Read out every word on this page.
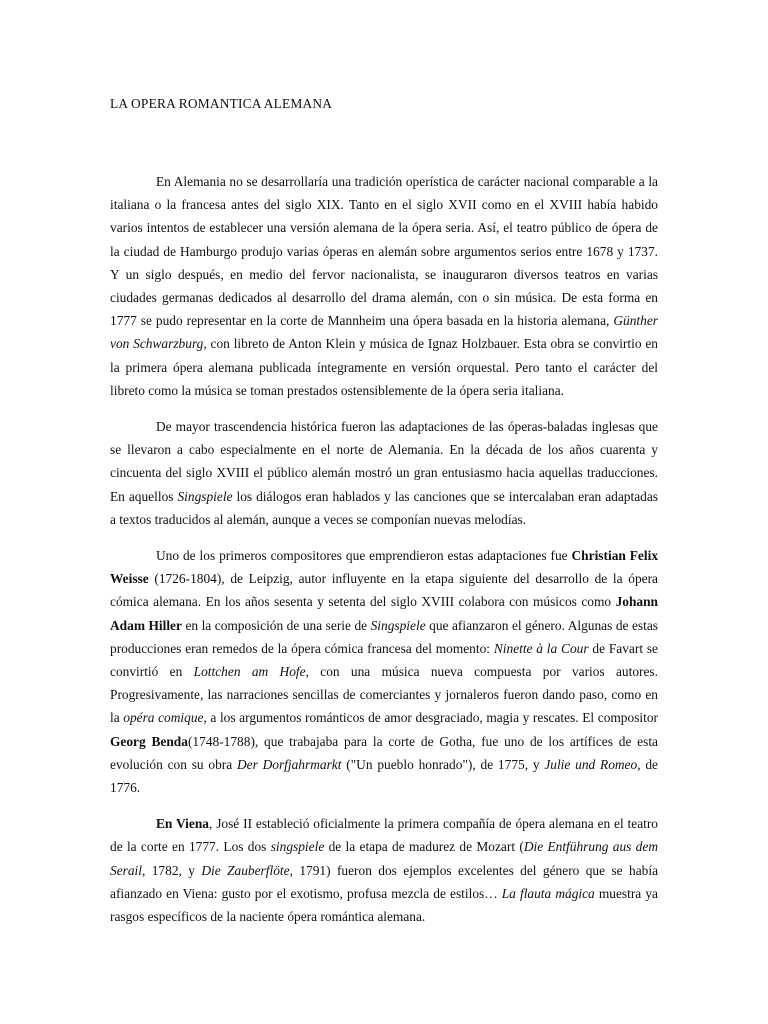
LA OPERA ROMANTICA ALEMANA

En Alemania no se desarrollaría una tradición operística de carácter nacional comparable a la italiana o la francesa antes del siglo XIX. Tanto en el siglo XVII como en el XVIII había habido varios intentos de establecer una versión alemana de la ópera seria. Así, el teatro público de ópera de la ciudad de Hamburgo produjo varias óperas en alemán sobre argumentos serios entre 1678 y 1737. Y un siglo después, en medio del fervor nacionalista, se inauguraron diversos teatros en varias ciudades germanas dedicados al desarrollo del drama alemán, con o sin música. De esta forma en 1777 se pudo representar en la corte de Mannheim una ópera basada en la historia alemana, Günther von Schwarzburg, con libreto de Anton Klein y música de Ignaz Holzbauer. Esta obra se convirtio en la primera ópera alemana publicada íntegramente en versión orquestal. Pero tanto el carácter del libreto como la música se toman prestados ostensiblemente de la ópera seria italiana.

De mayor trascendencia histórica fueron las adaptaciones de las óperas-baladas inglesas que se llevaron a cabo especialmente en el norte de Alemania. En la década de los años cuarenta y cincuenta del siglo XVIII el público alemán mostró un gran entusiasmo hacia aquellas traducciones. En aquellos Singspiele los diálogos eran hablados y las canciones que se intercalaban eran adaptadas a textos traducidos al alemán, aunque a veces se componían nuevas melodías.

Uno de los primeros compositores que emprendieron estas adaptaciones fue Christian Felix Weisse (1726-1804), de Leipzig, autor influyente en la etapa siguiente del desarrollo de la ópera cómica alemana. En los años sesenta y setenta del siglo XVIII colabora con músicos como Johann Adam Hiller en la composición de una serie de Singspiele que afianzaron el género. Algunas de estas producciones eran remedos de la ópera cómica francesa del momento: Ninette à la Cour de Favart se convirtió en Lottchen am Hofe, con una música nueva compuesta por varios autores. Progresivamente, las narraciones sencillas de comerciantes y jornaleros fueron dando paso, como en la opéra comique, a los argumentos románticos de amor desgraciado, magia y rescates. El compositor Georg Benda(1748-1788), que trabajaba para la corte de Gotha, fue uno de los artífices de esta evolución con su obra Der Dorfjahrmarkt ("Un pueblo honrado"), de 1775, y Julie und Romeo, de 1776.

En Viena, José II estableció oficialmente la primera compañía de ópera alemana en el teatro de la corte en 1777. Los dos singspiele de la etapa de madurez de Mozart (Die Entführung aus dem Serail, 1782, y Die Zauberflöte, 1791) fueron dos ejemplos excelentes del género que se había afianzado en Viena: gusto por el exotismo, profusa mezcla de estilos… La flauta mágica muestra ya rasgos específicos de la naciente ópera romántica alemana.
